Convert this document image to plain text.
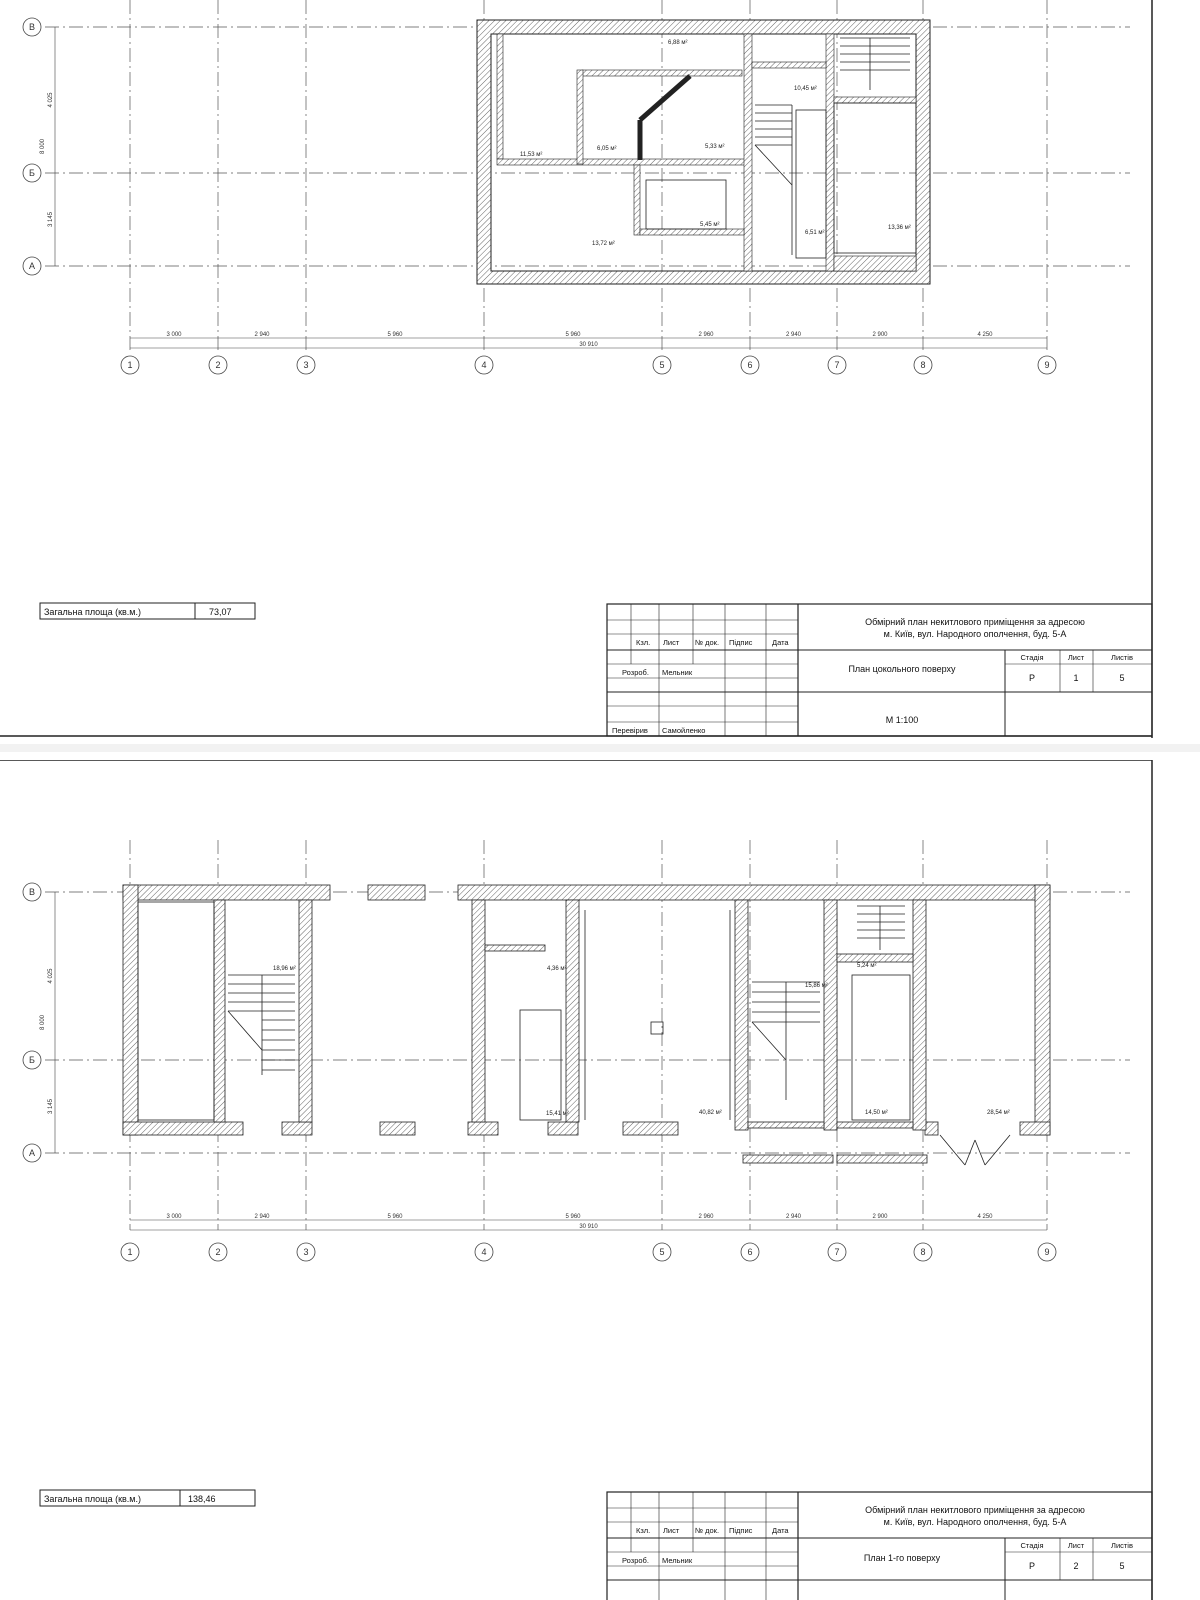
1	2	3	4	5	6	7	8	9
В
Б
А
3 000	2 940	5 960	5 960	2 960	2 940	2 900	4 250
30 910
4 025
3 145
8 000
11,53 м²
6,05 м²	5,33 м²
6,88 м²
13,72 м²
5,45 м²
10,45 м²
6,51 м²
13,36 м²
Загальна площа (кв.м.)	73,07
Кзл. Лист № док. Підпис	Дата
Розроб. Мельник
Перевірив Самойленко
Обмірний план некитлового приміщення за адресою
м. Київ, вул. Народного ополчення, буд. 5-А
План цокольного поверху
М 1:100
Стадія	Лист	Листів
Р	1	5
1	2	3	4	5	6	7	8	9
В
Б
А
3 000	2 940	5 960	5 960	2 960	2 940	2 900	4 250
30 910
4 025
3 145
8 000
18,96 м²	4,36 м²
15,41 м²	40,82 м²
5,24 м²
15,86 м²
14,50 м²	28,54 м²
Загальна площа (кв.м.)	138,46
Кзл. Лист № док. Підпис	Дата
Розроб. Мельник
Обмірний план некитлового приміщення за адресою
м. Київ, вул. Народного ополчення, буд. 5-А
План 1-го поверху
Стадія	Лист	Листів
Р	2	5
